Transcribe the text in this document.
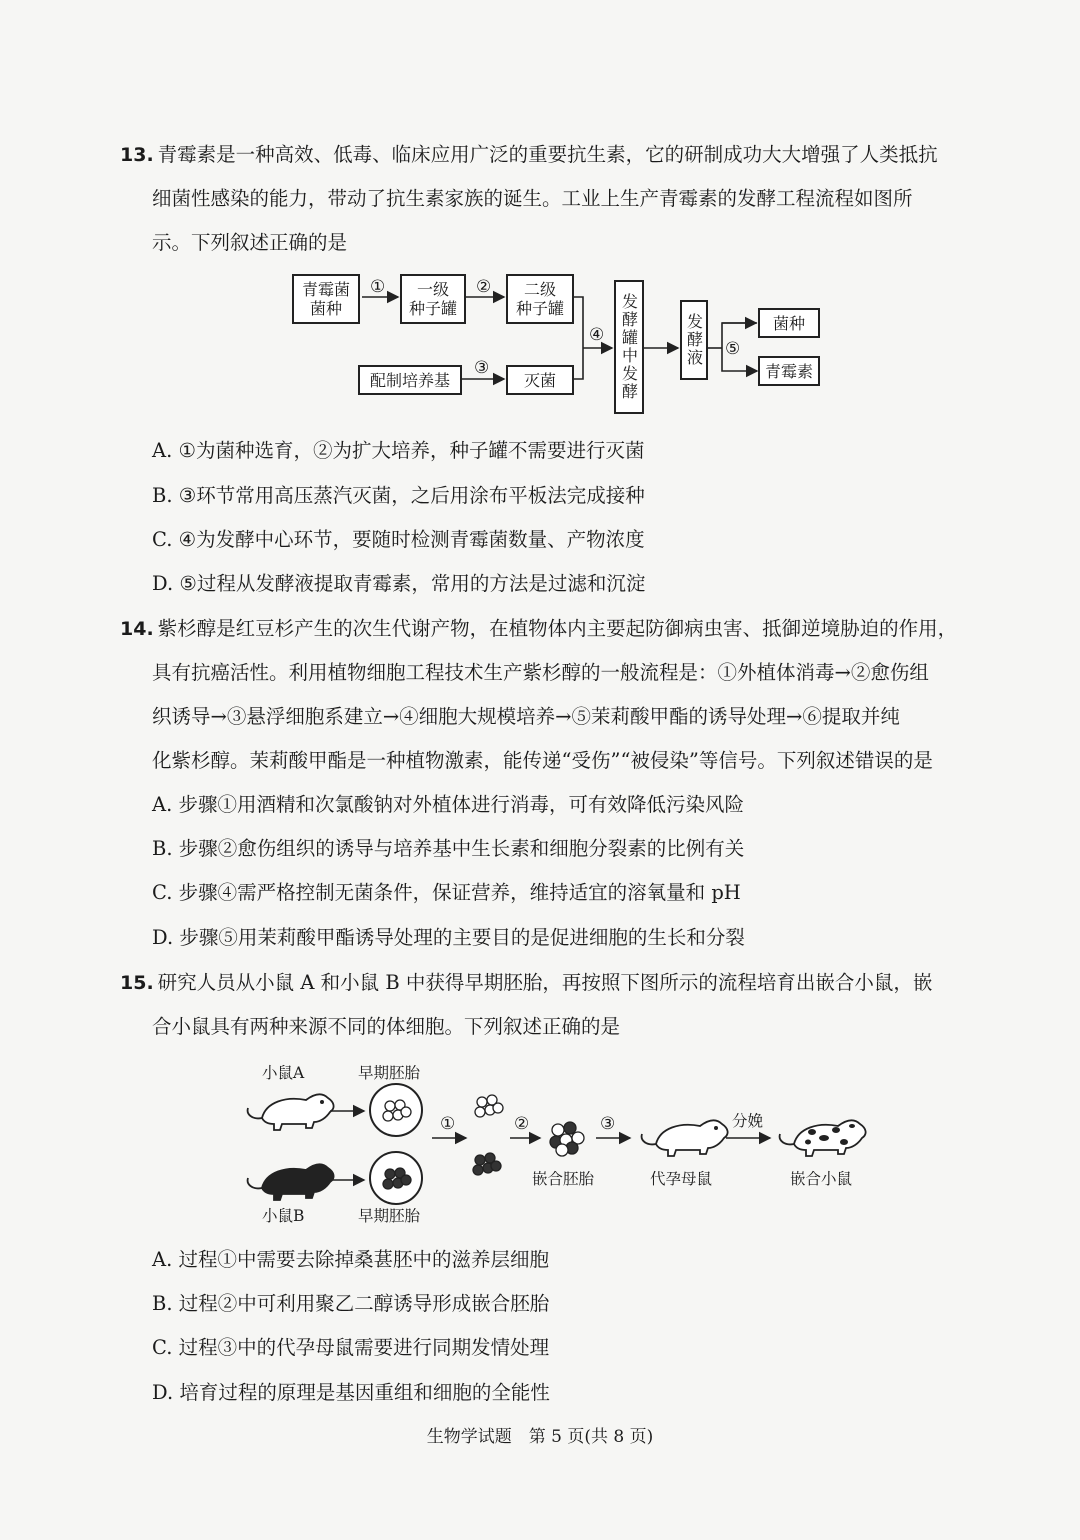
13. 青霉素是一种高效、低毒、临床应用广泛的重要抗生素，它的研制成功大大增强了人类抵抗
细菌性感染的能力，带动了抗生素家族的诞生。工业上生产青霉素的发酵工程流程如图所
示。下列叙述正确的是
青霉菌
菌种
①	一级
种子罐
②	二级
种子罐
配制培养基
③
灭菌
④ 发酵罐中发酵	发酵液 ⑤
菌种
青霉素
A. ①为菌种选育，②为扩大培养，种子罐不需要进行灭菌
B. ③环节常用高压蒸汽灭菌，之后用涂布平板法完成接种
C. ④为发酵中心环节，要随时检测青霉菌数量、产物浓度
D. ⑤过程从发酵液提取青霉素，常用的方法是过滤和沉淀
14. 紫杉醇是红豆杉产生的次生代谢产物，在植物体内主要起防御病虫害、抵御逆境胁迫的作用，
具有抗癌活性。利用植物细胞工程技术生产紫杉醇的一般流程是：①外植体消毒→②愈伤组
织诱导→③悬浮细胞系建立→④细胞大规模培养→⑤茉莉酸甲酯的诱导处理→⑥提取并纯
化紫杉醇。茉莉酸甲酯是一种植物激素，能传递“受伤”“被侵染”等信号。下列叙述错误的是
A. 步骤①用酒精和次氯酸钠对外植体进行消毒，可有效降低污染风险
B. 步骤②愈伤组织的诱导与培养基中生长素和细胞分裂素的比例有关
C. 步骤④需严格控制无菌条件，保证营养，维持适宜的溶氧量和 pH
D. 步骤⑤用茉莉酸甲酯诱导处理的主要目的是促进细胞的生长和分裂
15. 研究人员从小鼠 A 和小鼠 B 中获得早期胚胎，再按照下图所示的流程培育出嵌合小鼠，嵌
合小鼠具有两种来源不同的体细胞。下列叙述正确的是
小鼠A
小鼠B
早期胚胎
早期胚胎
①	②	③	分娩
嵌合胚胎	代孕母鼠	嵌合小鼠
A. 过程①中需要去除掉桑葚胚中的滋养层细胞
B. 过程②中可利用聚乙二醇诱导形成嵌合胚胎
C. 过程③中的代孕母鼠需要进行同期发情处理
D. 培育过程的原理是基因重组和细胞的全能性
生物学试题　第 5 页(共 8 页)
